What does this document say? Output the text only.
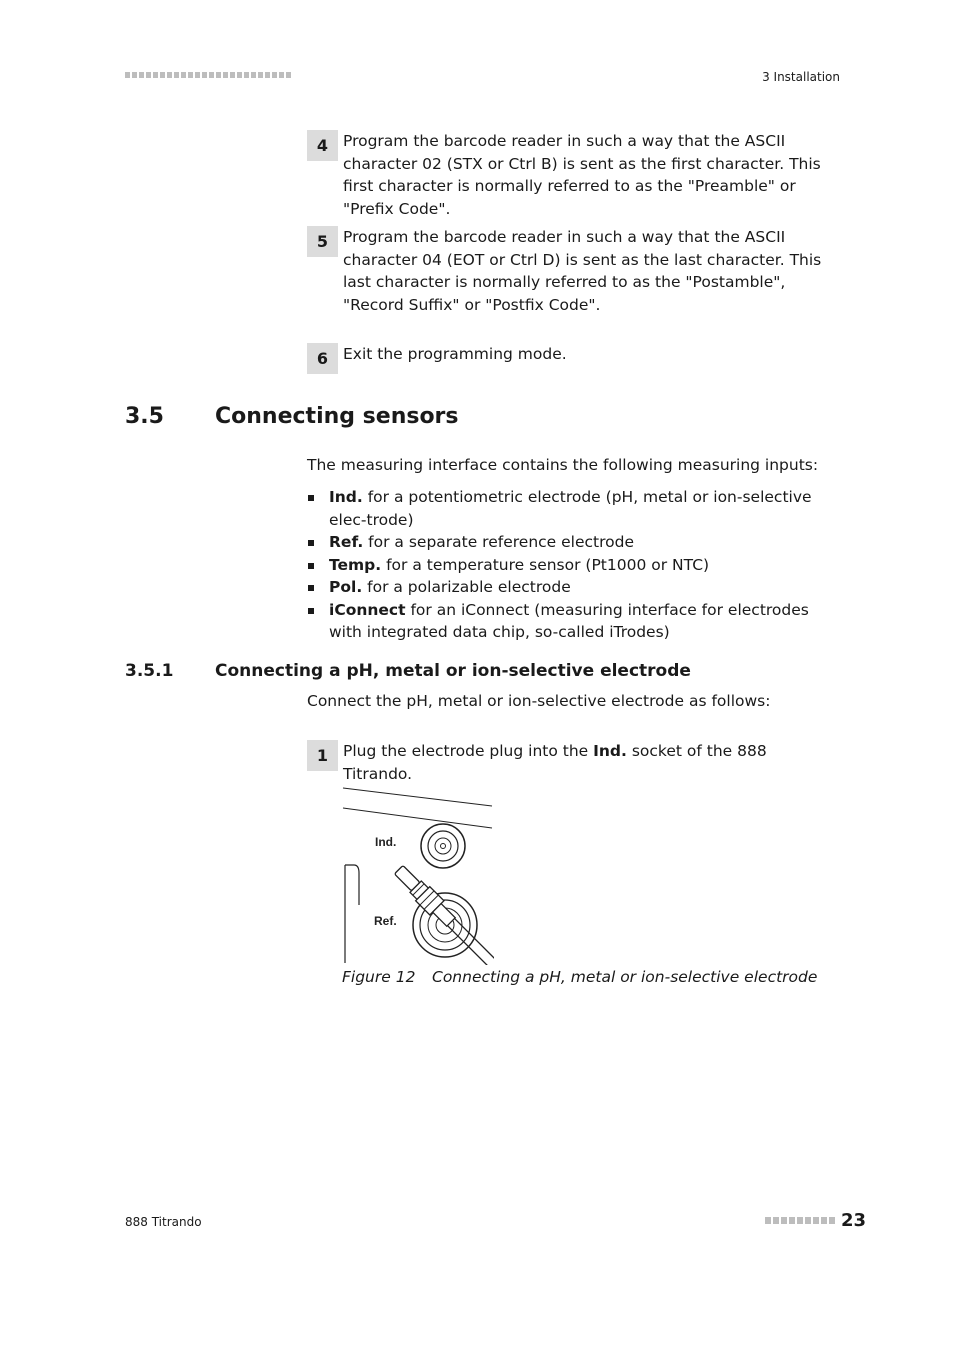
3 Installation
4 Program the barcode reader in such a way that the ASCII character 02 (STX or Ctrl B) is sent as the first character. This first character is normally referred to as the "Preamble" or "Prefix Code".
5 Program the barcode reader in such a way that the ASCII character 04 (EOT or Ctrl D) is sent as the last character. This last character is normally referred to as the "Postamble", "Record Suffix" or "Postfix Code".
6 Exit the programming mode.
3.5 Connecting sensors
The measuring interface contains the following measuring inputs:
Ind. for a potentiometric electrode (pH, metal or ion-selective elec-trode)
Ref. for a separate reference electrode
Temp. for a temperature sensor (Pt1000 or NTC)
Pol. for a polarizable electrode
iConnect for an iConnect (measuring interface for electrodes with integrated data chip, so-called iTrodes)
3.5.1 Connecting a pH, metal or ion-selective electrode
Connect the pH, metal or ion-selective electrode as follows:
1 Plug the electrode plug into the Ind. socket of the 888 Titrando.
Ind.
Ref.
Figure 12 Connecting a pH, metal or ion-selective electrode
888 Titrando	23
